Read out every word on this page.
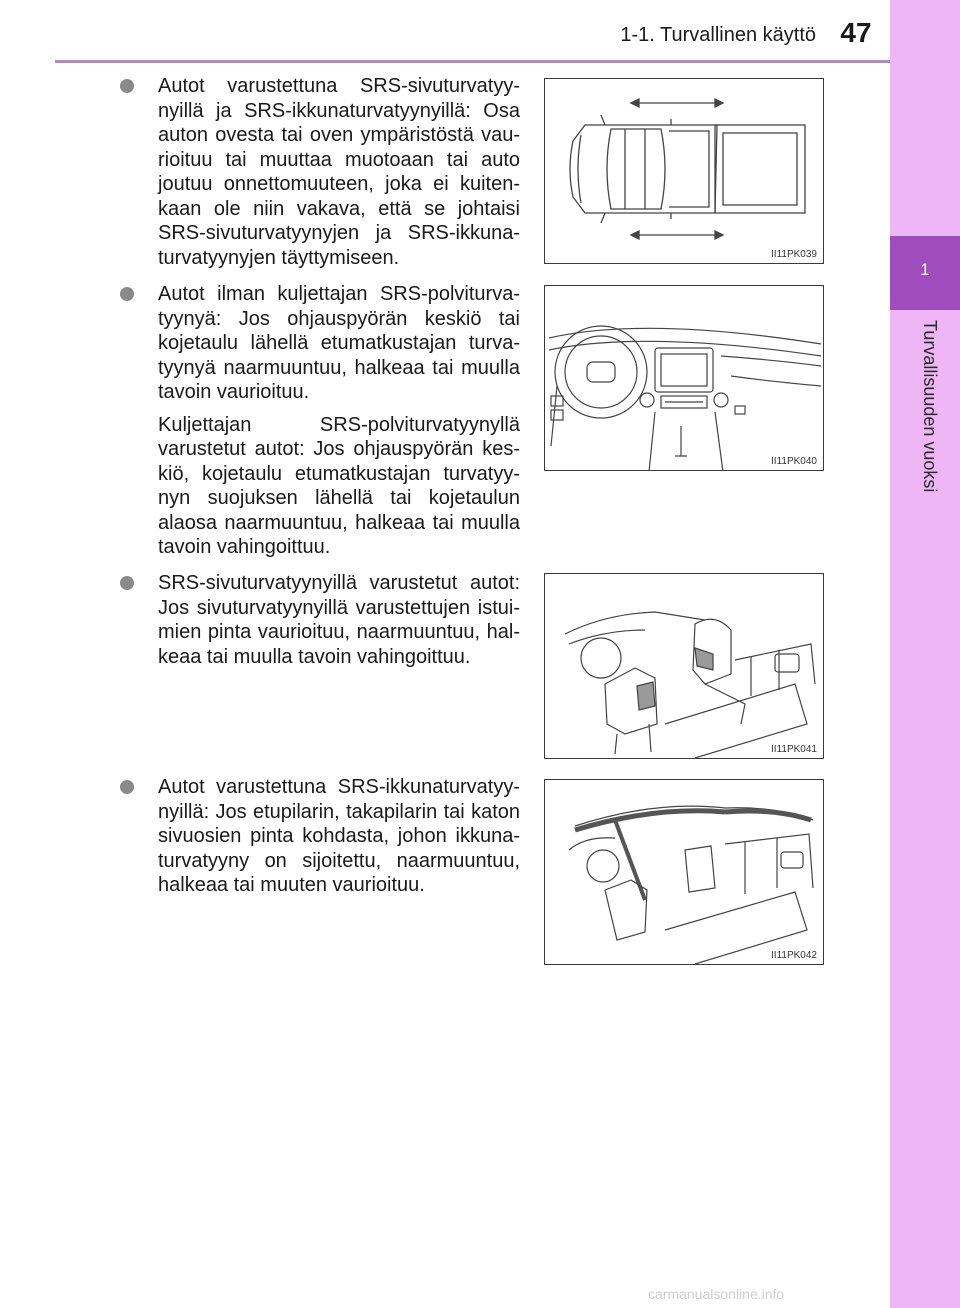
1-1. Turvallinen käyttö 47
1
Turvallisuuden vuoksi

Autot varustettuna SRS-sivuturvatyy-nyillä ja SRS-ikkunaturvatyynyillä: Osa auton ovesta tai oven ympäristöstä vau-rioituu tai muuttaa muotoaan tai auto joutuu onnettomuuteen, joka ei kuiten-kaan ole niin vakava, että se johtaisi SRS-sivuturvatyynyjen ja SRS-ikkuna-turvatyynyjen täyttymiseen.

Autot ilman kuljettajan SRS-polviturva-tyynyä: Jos ohjauspyörän keskiö tai kojetaulu lähellä etumatkustajan turva-tyynyä naarmuuntuu, halkeaa tai muulla tavoin vaurioituu.

Kuljettajan SRS-polviturvatyynyllä varustetut autot: Jos ohjauspyörän kes-kiö, kojetaulu etumatkustajan turvatyy-nyn suojuksen lähellä tai kojetaulun alaosa naarmuuntuu, halkeaa tai muulla tavoin vahingoittuu.

SRS-sivuturvatyynyillä varustetut autot: Jos sivuturvatyynyillä varustettujen istui-mien pinta vaurioituu, naarmuuntuu, hal-keaa tai muulla tavoin vahingoittuu.

Autot varustettuna SRS-ikkunaturvatyy-nyillä: Jos etupilarin, takapilarin tai katon sivuosien pinta kohdasta, johon ikkuna-turvatyyny on sijoitettu, naarmuuntuu, halkeaa tai muuten vaurioituu.

II11PK039
II11PK040
II11PK041
II11PK042
carmanualsonline.info
